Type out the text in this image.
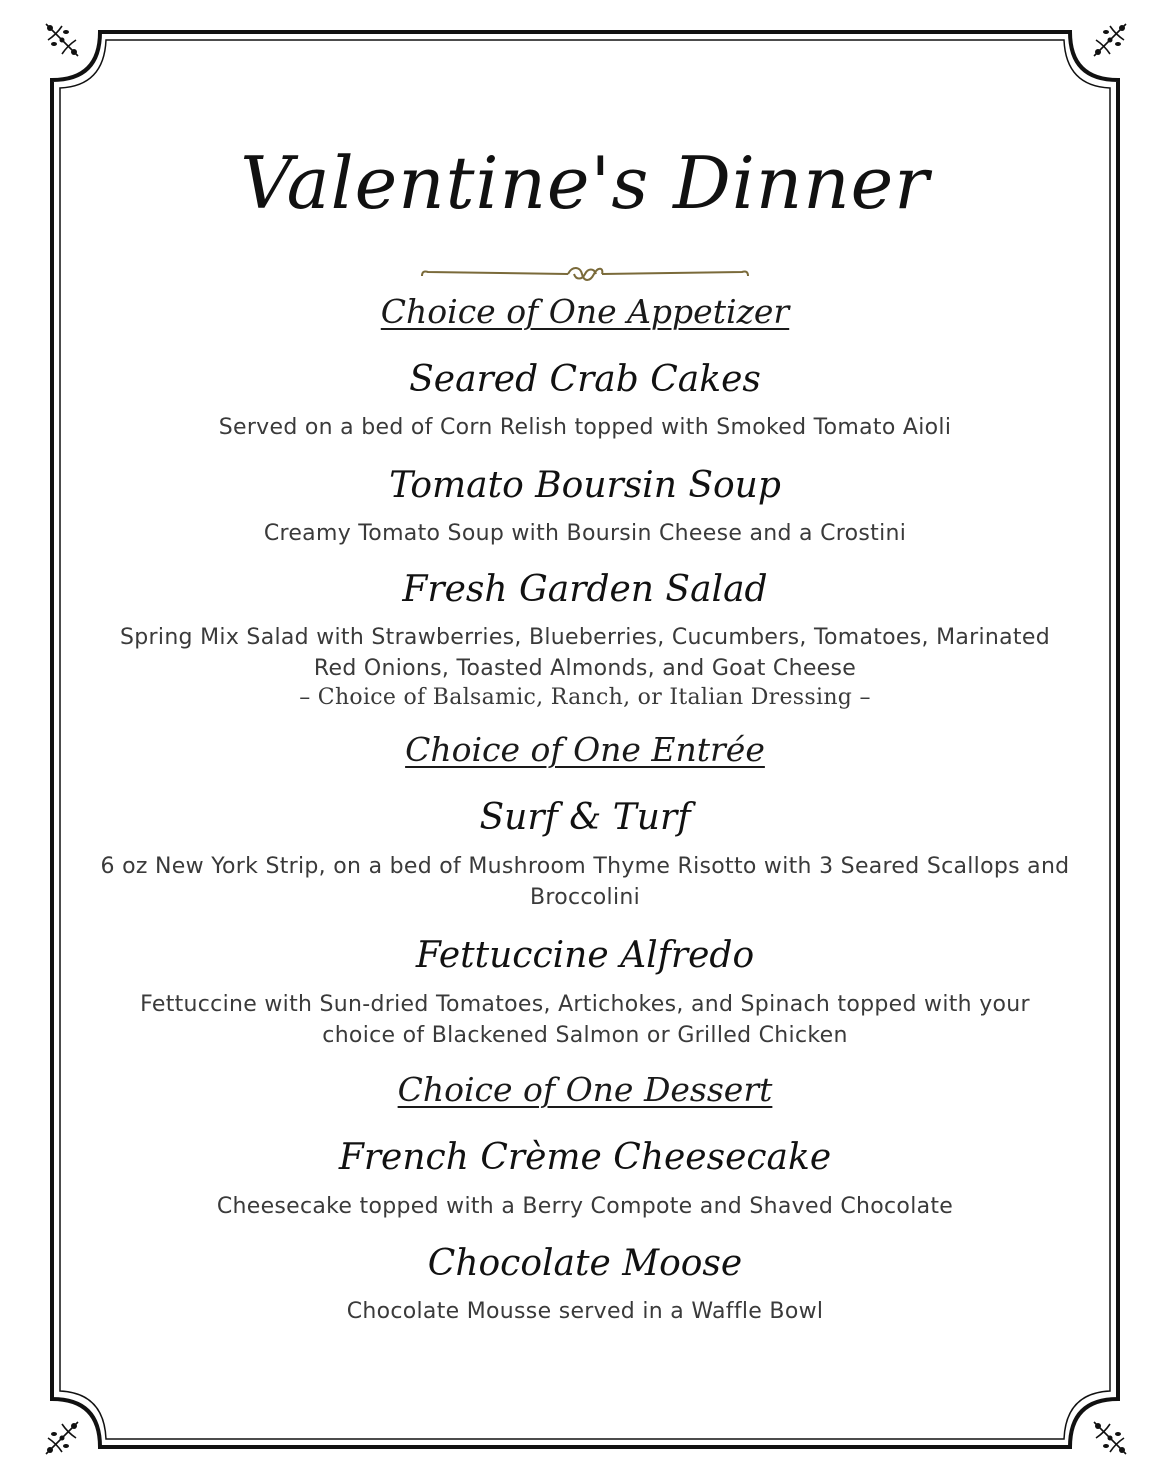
Valentine's Dinner
Choice of One Appetizer
Seared Crab Cakes
Served on a bed of Corn Relish topped with Smoked Tomato Aioli
Tomato Boursin Soup
Creamy Tomato Soup with Boursin Cheese and a Crostini
Fresh Garden Salad
Spring Mix Salad with Strawberries, Blueberries, Cucumbers, Tomatoes, Marinated Red Onions, Toasted Almonds, and Goat Cheese
– Choice of Balsamic, Ranch, or Italian Dressing –
Choice of One Entrée
Surf & Turf
6 oz New York Strip, on a bed of Mushroom Thyme Risotto with 3 Seared Scallops and Broccolini
Fettuccine Alfredo
Fettuccine with Sun-dried Tomatoes, Artichokes, and Spinach topped with your choice of Blackened Salmon or Grilled Chicken
Choice of One Dessert
French Crème Cheesecake
Cheesecake topped with a Berry Compote and Shaved Chocolate
Chocolate Moose
Chocolate Mousse served in a Waffle Bowl
